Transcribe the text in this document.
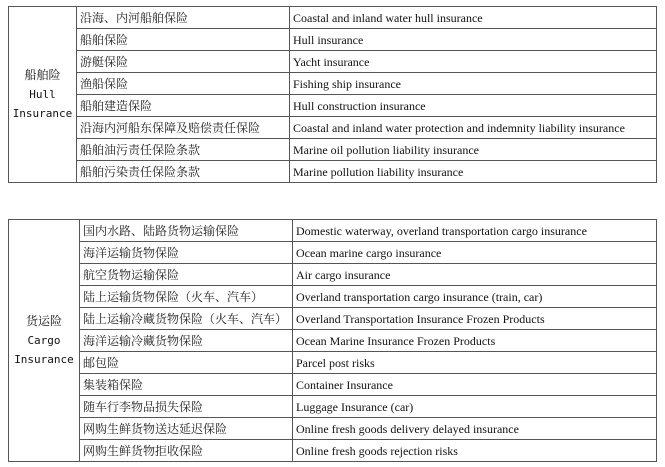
船舶险
Hull
Insurance	沿海、内河船舶保险	Coastal and inland water hull insurance
	船舶保险	Hull insurance
	游艇保险	Yacht insurance
	渔船保险	Fishing ship insurance
	船舶建造保险	Hull construction insurance
	沿海内河船东保障及赔偿责任保险	Coastal and inland water protection and indemnity liability insurance
	船舶油污责任保险条款	Marine oil pollution liability insurance
	船舶污染责任保险条款	Marine pollution liability insurance
货运险
Cargo
Insurance	国内水路、陆路货物运输保险	Domestic waterway, overland transportation cargo insurance
	海洋运输货物保险	Ocean marine cargo insurance
	航空货物运输保险	Air cargo insurance
	陆上运输货物保险（火车、汽车）	Overland transportation cargo insurance (train, car)
	陆上运输冷藏货物保险（火车、汽车）	Overland Transportation Insurance Frozen Products
	海洋运输冷藏货物保险	Ocean Marine Insurance Frozen Products
	邮包险	Parcel post risks
	集装箱保险	Container Insurance
	随车行李物品损失保险	Luggage Insurance (car)
	网购生鲜货物送达延迟保险	Online fresh goods delivery delayed insurance
	网购生鲜货物拒收保险	Online fresh goods rejection risks
